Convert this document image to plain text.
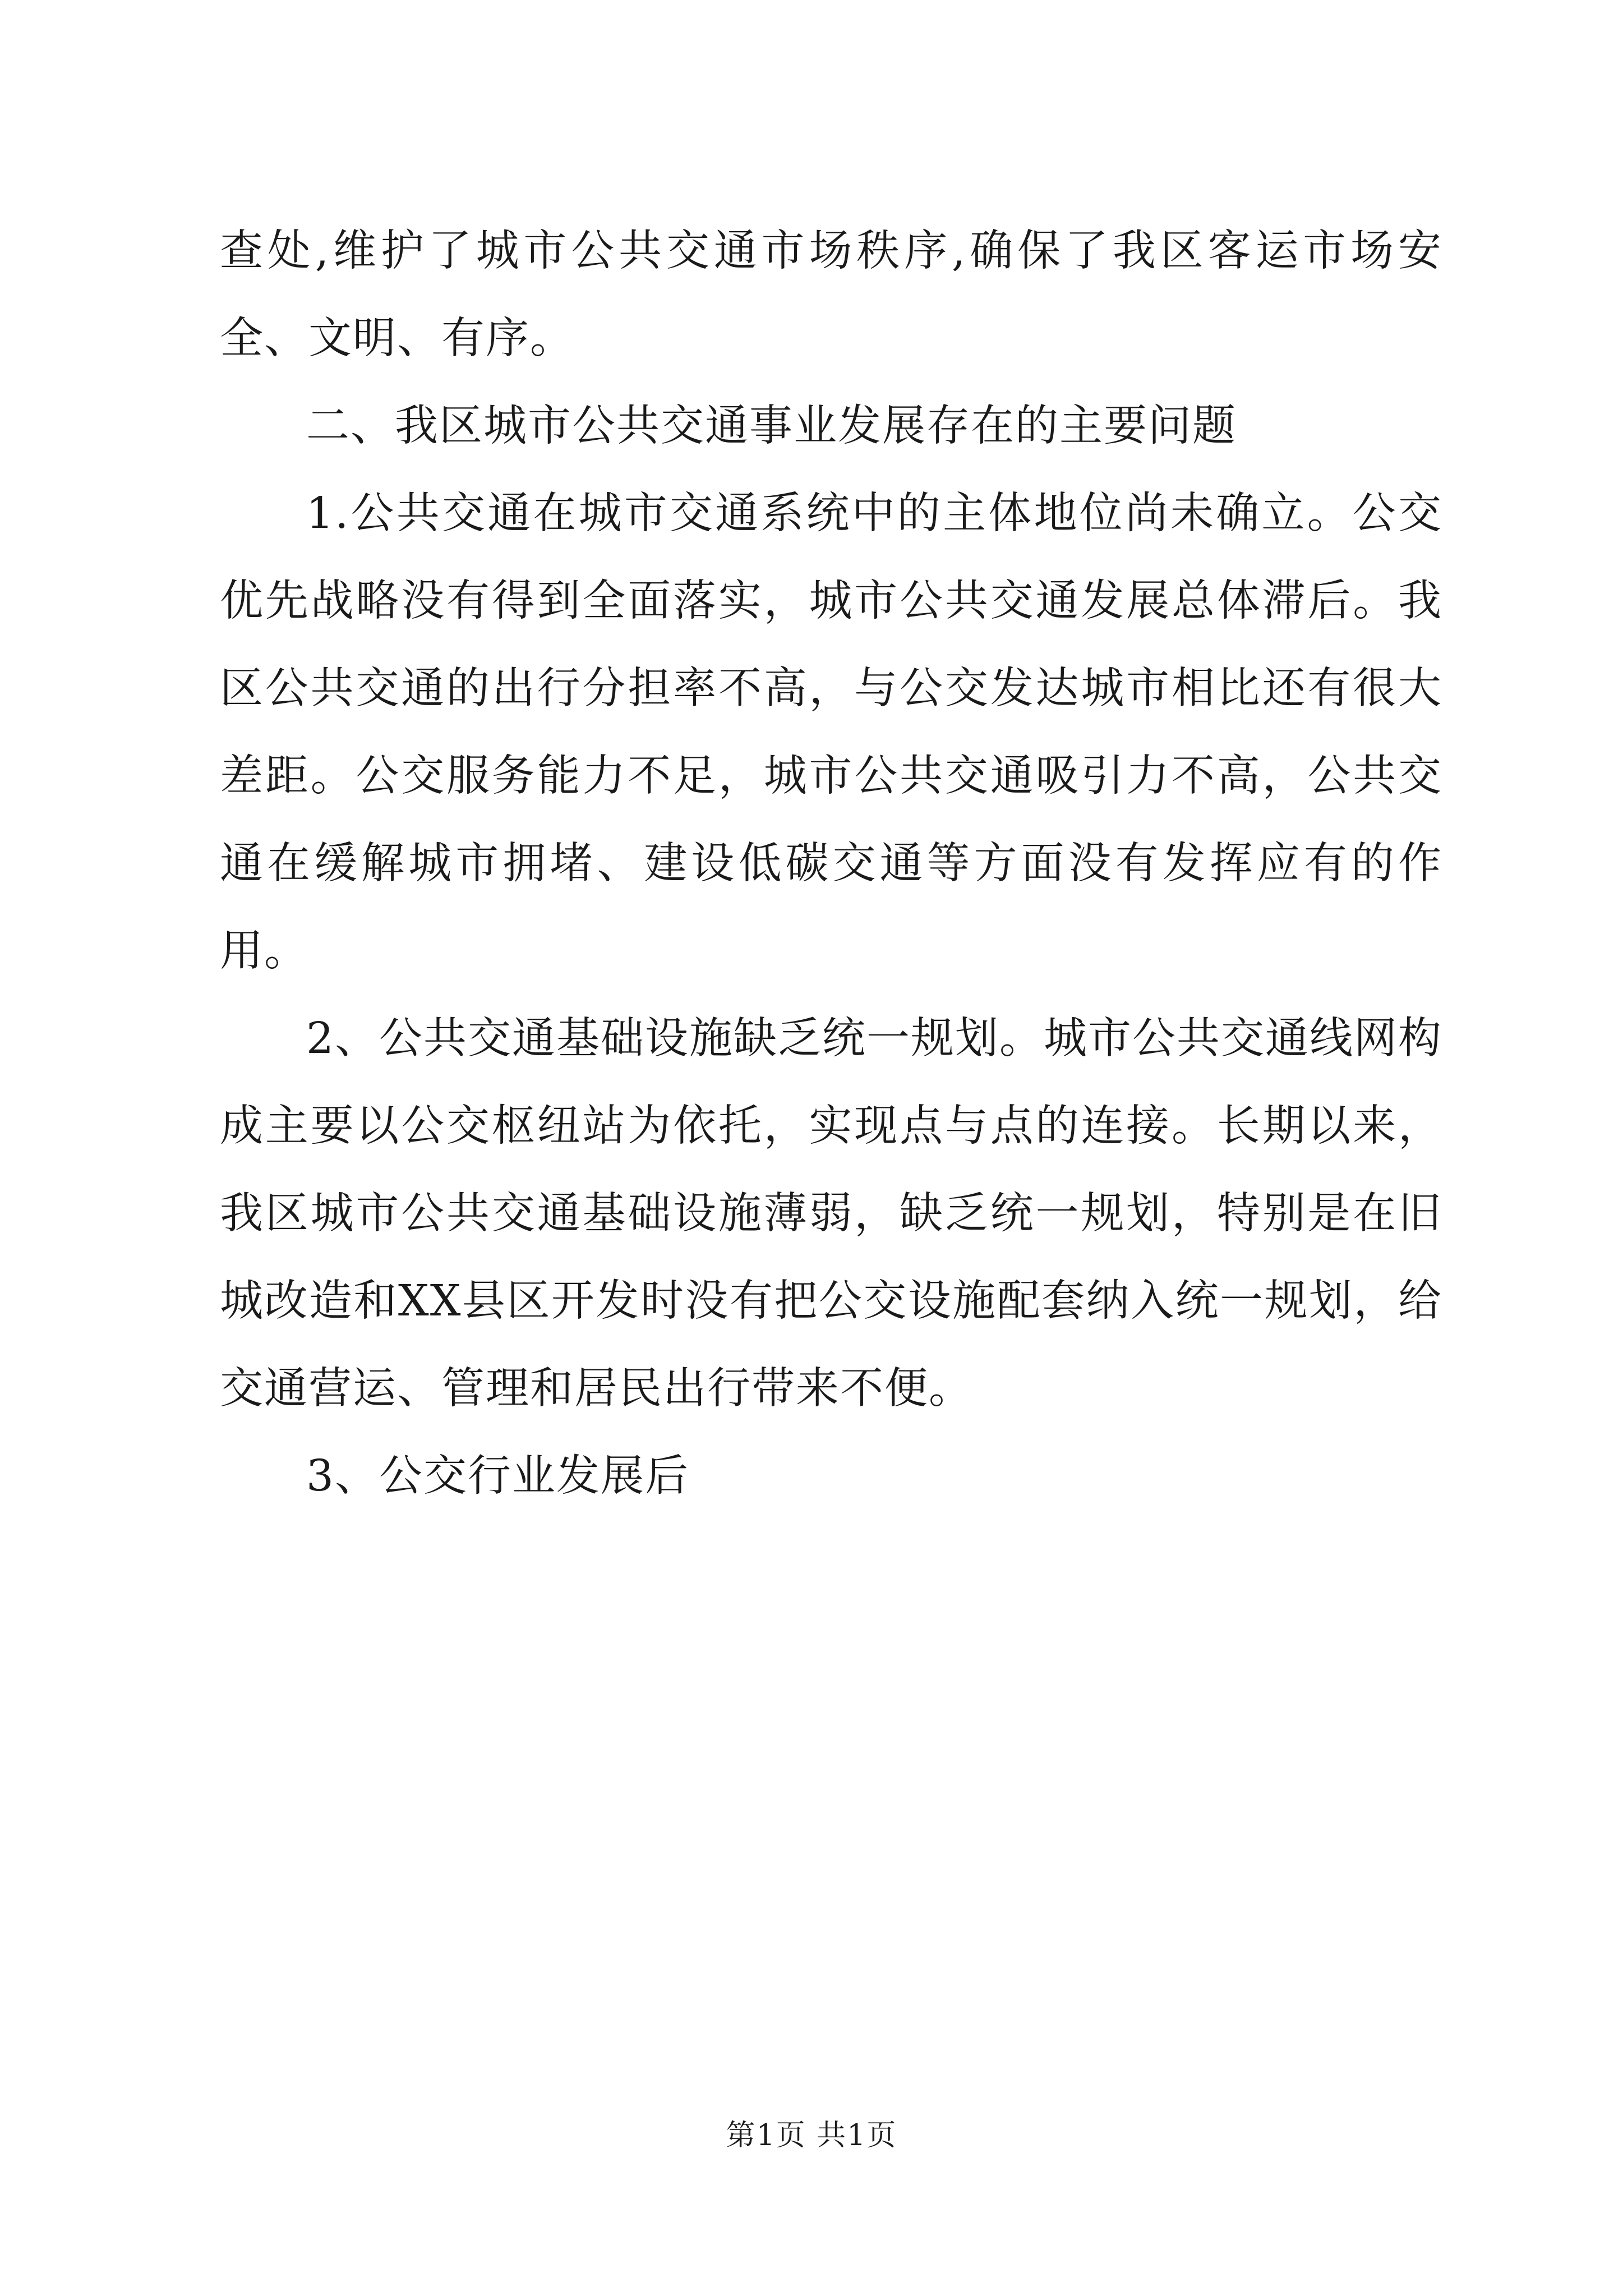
查处,维护了城市公共交通市场秩序,确保了我区客运市场安全、文明、有序。

二、我区城市公共交通事业发展存在的主要问题

1.公共交通在城市交通系统中的主体地位尚未确立。公交优先战略没有得到全面落实，城市公共交通发展总体滞后。我区公共交通的出行分担率不高，与公交发达城市相比还有很大差距。公交服务能力不足，城市公共交通吸引力不高，公共交通在缓解城市拥堵、建设低碳交通等方面没有发挥应有的作用。

2、公共交通基础设施缺乏统一规划。城市公共交通线网构成主要以公交枢纽站为依托，实现点与点的连接。长期以来，我区城市公共交通基础设施薄弱，缺乏统一规划，特别是在旧城改造和XX县区开发时没有把公交设施配套纳入统一规划，给交通营运、管理和居民出行带来不便。

3、公交行业发展后

第1页 共1页
